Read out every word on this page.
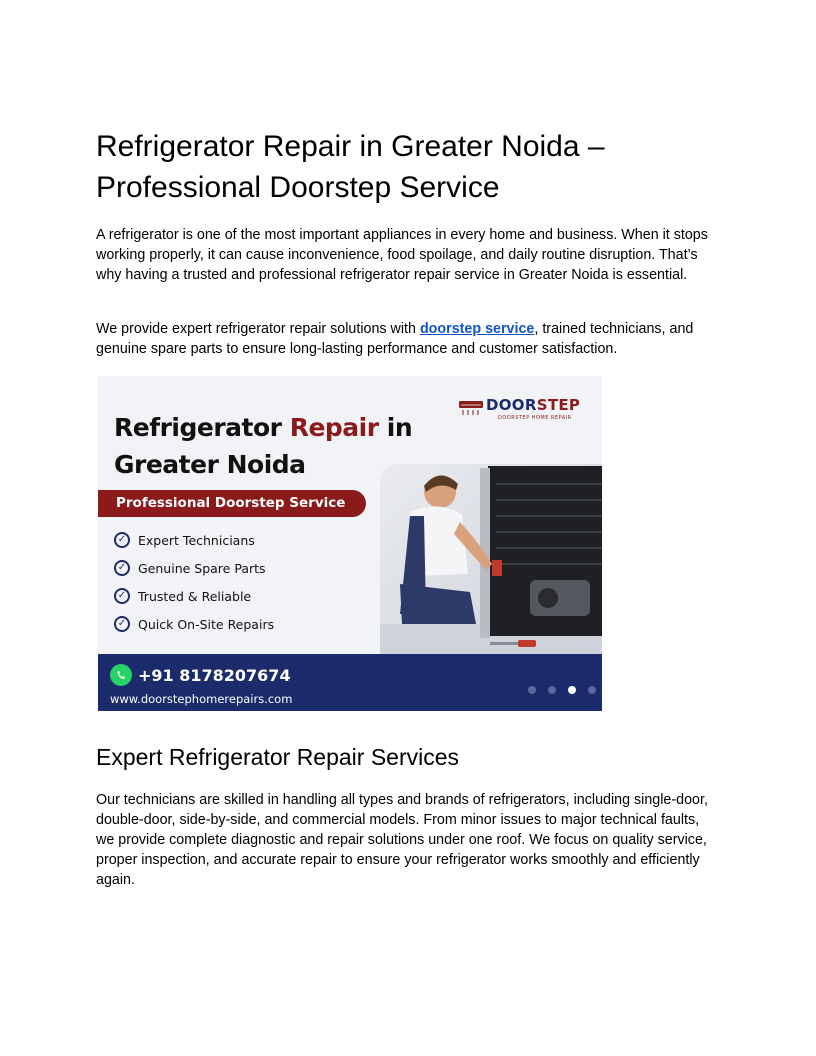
Refrigerator Repair in Greater Noida – Professional Doorstep Service

A refrigerator is one of the most important appliances in every home and business. When it stops working properly, it can cause inconvenience, food spoilage, and daily routine disruption. That’s why having a trusted and professional refrigerator repair service in Greater Noida is essential.

We provide expert refrigerator repair solutions with doorstep service, trained technicians, and genuine spare parts to ensure long-lasting performance and customer satisfaction.

Expert Refrigerator Repair Services

Our technicians are skilled in handling all types and brands of refrigerators, including single-door, double-door, side-by-side, and commercial models. From minor issues to major technical faults, we provide complete diagnostic and repair solutions under one roof. We focus on quality service, proper inspection, and accurate repair to ensure your refrigerator works smoothly and efficiently again.

DOORSTEP
DOORSTEP HOME REPAIR
Refrigerator Repair in Greater Noida
Professional Doorstep Service
✓ Expert Technicians
✓ Genuine Spare Parts
✓ Trusted & Reliable
✓ Quick On-Site Repairs
+91 8178207674
www.doorstephomerepairs.com
